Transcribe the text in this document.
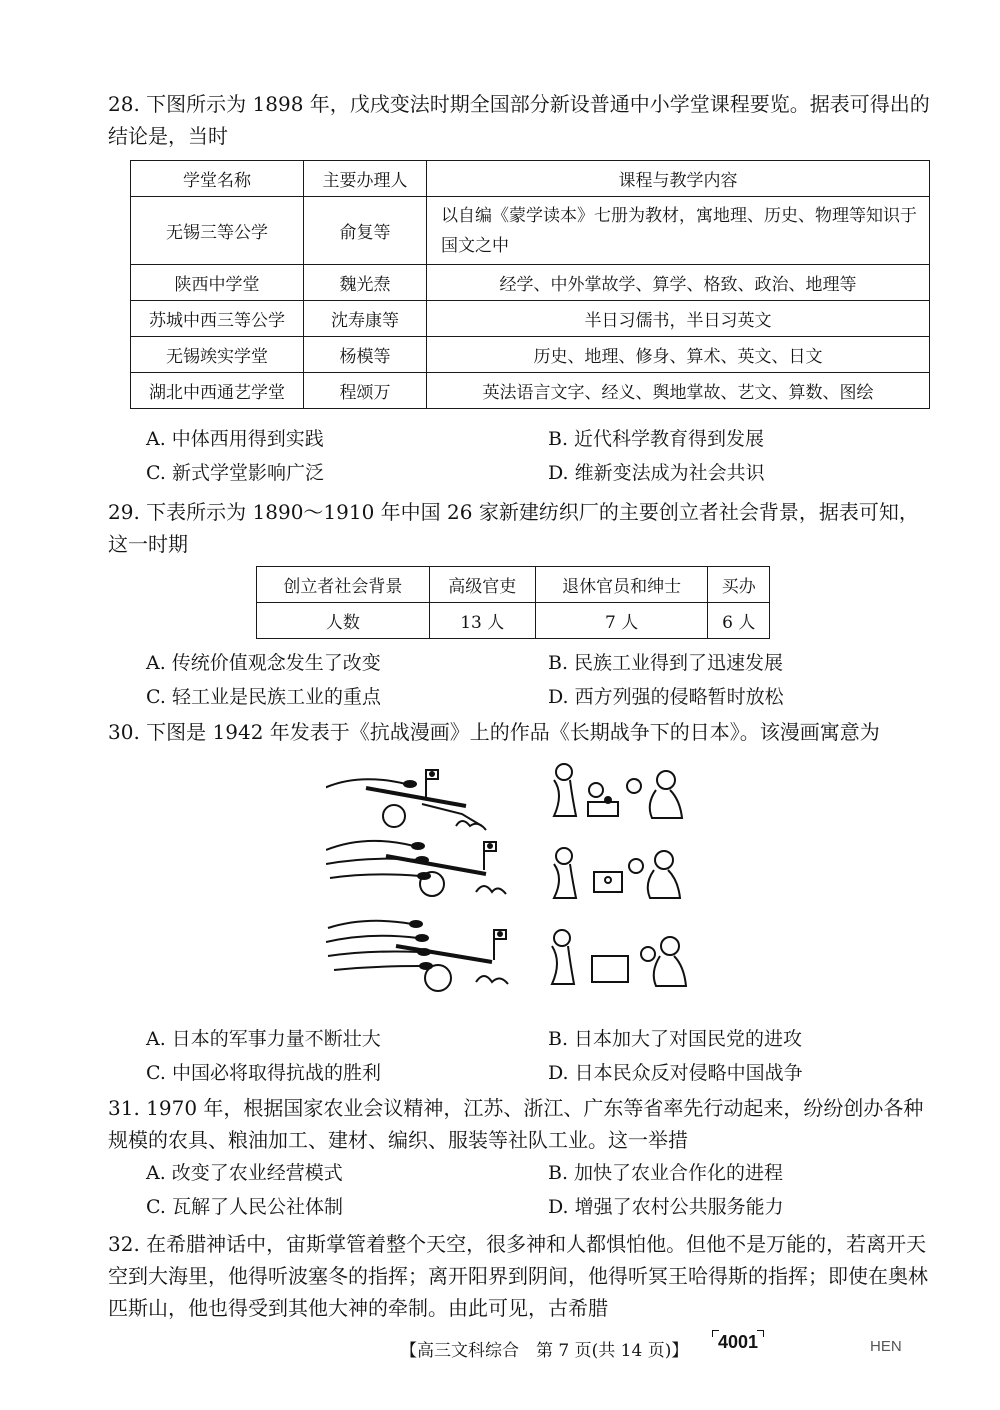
28. 下图所示为 1898 年，戊戌变法时期全国部分新设普通中小学堂课程要览。据表可得出的结论是，当时
学堂名称	主要办理人	课程与教学内容
无锡三等公学	俞复等	以自编《蒙学读本》七册为教材，寓地理、历史、物理等知识于国文之中
陕西中学堂	魏光焘	经学、中外掌故学、算学、格致、政治、地理等
苏城中西三等公学	沈寿康等	半日习儒书，半日习英文
无锡竢实学堂	杨模等	历史、地理、修身、算术、英文、日文
湖北中西通艺学堂	程颂万	英法语言文字、经义、舆地掌故、艺文、算数、图绘
A. 中体西用得到实践	B. 近代科学教育得到发展
C. 新式学堂影响广泛	D. 维新变法成为社会共识
29. 下表所示为 1890～1910 年中国 26 家新建纺织厂的主要创立者社会背景，据表可知，这一时期
创立者社会背景	高级官吏	退休官员和绅士	买办
人数	13 人	7 人	6 人
A. 传统价值观念发生了改变	B. 民族工业得到了迅速发展
C. 轻工业是民族工业的重点	D. 西方列强的侵略暂时放松
30. 下图是 1942 年发表于《抗战漫画》上的作品《长期战争下的日本》。该漫画寓意为
A. 日本的军事力量不断壮大	B. 日本加大了对国民党的进攻
C. 中国必将取得抗战的胜利	D. 日本民众反对侵略中国战争
31. 1970 年，根据国家农业会议精神，江苏、浙江、广东等省率先行动起来，纷纷创办各种规模的农具、粮油加工、建材、编织、服装等社队工业。这一举措
A. 改变了农业经营模式	B. 加快了农业合作化的进程
C. 瓦解了人民公社体制	D. 增强了农村公共服务能力
32. 在希腊神话中，宙斯掌管着整个天空，很多神和人都惧怕他。但他不是万能的，若离开天空到大海里，他得听波塞冬的指挥；离开阳界到阴间，他得听冥王哈得斯的指挥；即使在奥林匹斯山，他也得受到其他大神的牵制。由此可见，古希腊
【高三文科综合　第 7 页(共 14 页)】 4001	HEN
